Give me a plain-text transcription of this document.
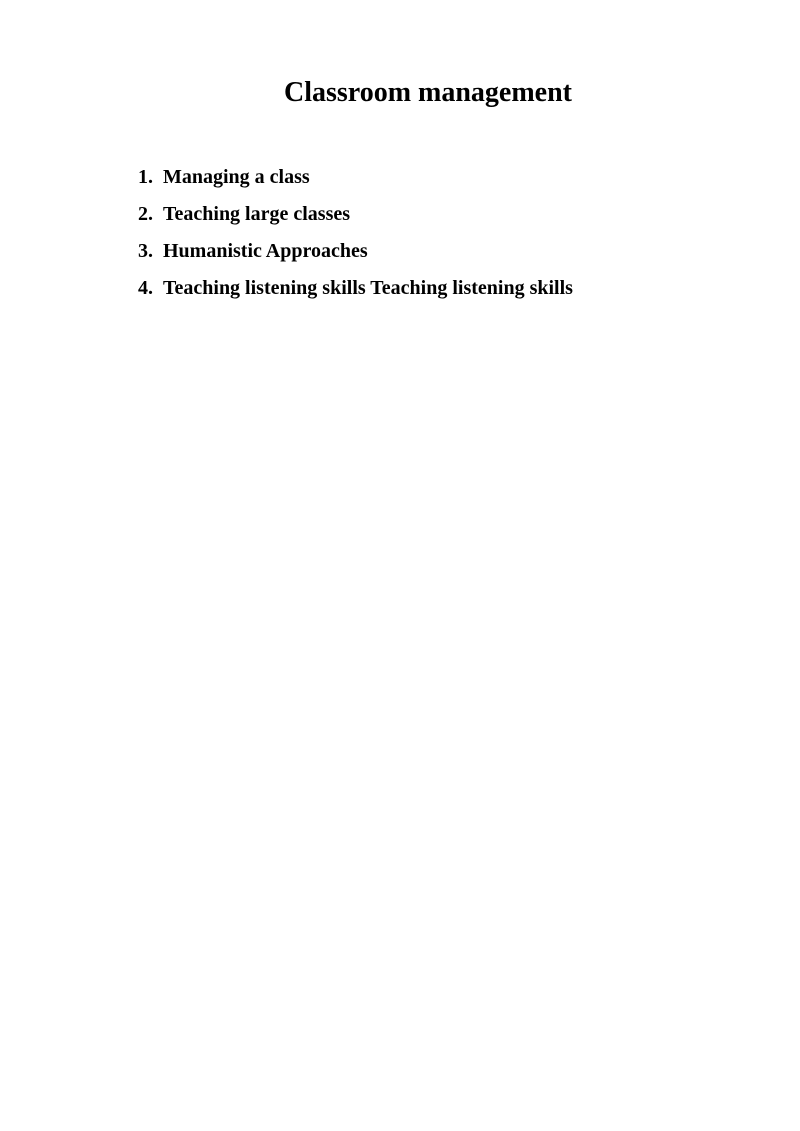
Classroom management
1. Managing a class
2. Teaching large classes
3. Humanistic Approaches
4. Teaching listening skills Teaching listening skills
